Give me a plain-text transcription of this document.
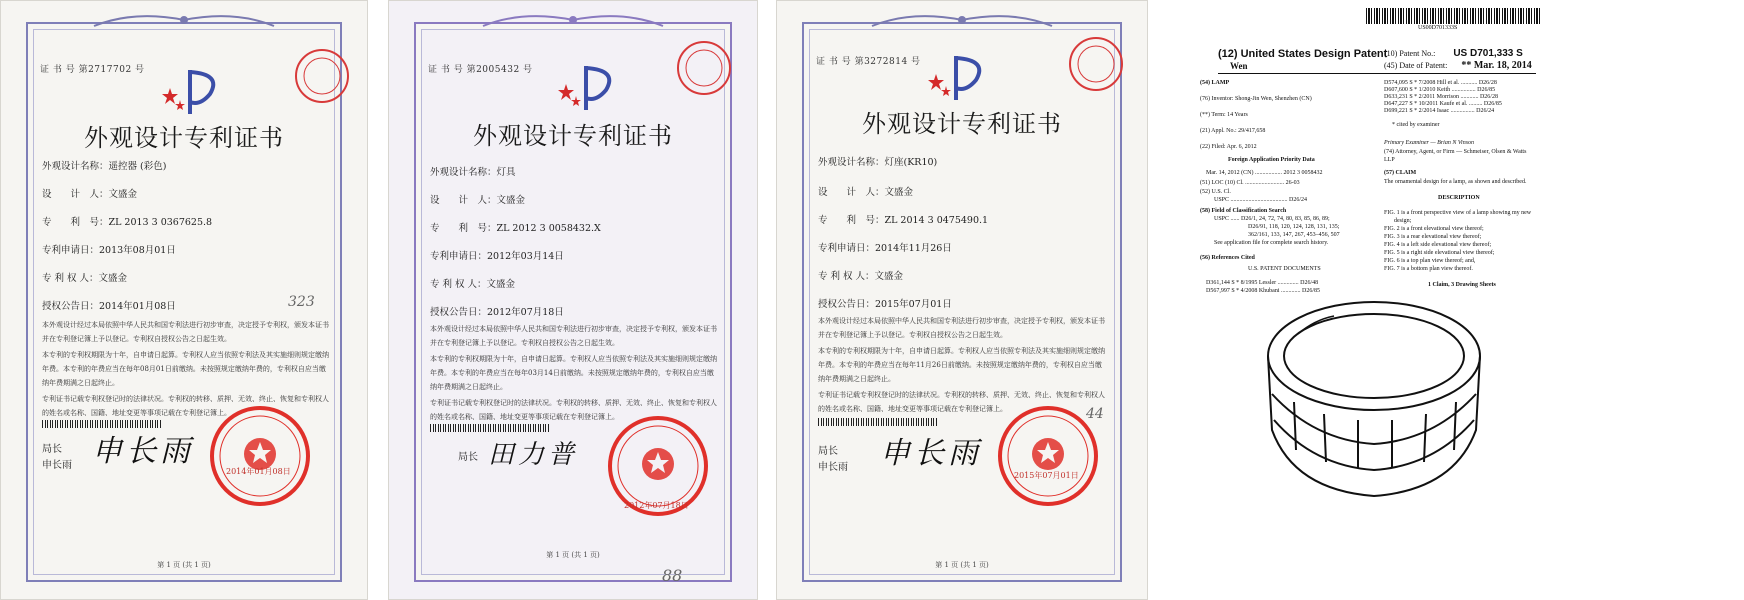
证 书 号 第2717702 号
外观设计专利证书
外观设计名称：遥控器 (彩色)
设　　计　人：文盛金
专　　利　号：ZL 2013 3 0367625.8
专利申请日：2013年08月01日
专 利 权 人：文盛金
授权公告日：2014年01月08日	323
本外观设计经过本局依照中华人民共和国专利法进行初步审查，决定授予专利权，颁发本证书并在专利登记簿上予以登记。专利权自授权公告之日起生效。
本专利的专利权期限为十年，自申请日起算。专利权人应当依照专利法及其实施细则规定缴纳年费。本专利的年费应当在每年08月01日前缴纳。未按照规定缴纳年费的，专利权自应当缴纳年费期满之日起终止。
专利证书记载专利权登记时的法律状况。专利权的转移、质押、无效、终止、恢复和专利权人的姓名或名称、国籍、地址变更等事项记载在专利登记簿上。
局长
申长雨 申长雨
2014年01月08日
第 1 页 (共 1 页)
证 书 号 第2005432 号
外观设计专利证书
外观设计名称：灯具
设　　计　人：文盛金
专　　利　号：ZL 2012 3 0058432.X
专利申请日：2012年03月14日
专 利 权 人：文盛金
授权公告日：2012年07月18日
本外观设计经过本局依照中华人民共和国专利法进行初步审查，决定授予专利权，颁发本证书并在专利登记簿上予以登记。专利权自授权公告之日起生效。
本专利的专利权期限为十年，自申请日起算。专利权人应当依照专利法及其实施细则规定缴纳年费。本专利的年费应当在每年03月14日前缴纳。未按照规定缴纳年费的，专利权自应当缴纳年费期满之日起终止。
专利证书记载专利权登记时的法律状况。专利权的转移、质押、无效、终止、恢复和专利权人的姓名或名称、国籍、地址变更等事项记载在专利登记簿上。
局长 田力普
2012年07月18日
第 1 页 (共 1 页)
88
证 书 号 第3272814 号
外观设计专利证书
外观设计名称：灯座(KR10)
设　　计　人：文盛金
专　　利　号：ZL 2014 3 0475490.1
专利申请日：2014年11月26日
专 利 权 人：文盛金
授权公告日：2015年07月01日
本外观设计经过本局依照中华人民共和国专利法进行初步审查，决定授予专利权，颁发本证书并在专利登记簿上予以登记。专利权自授权公告之日起生效。
本专利的专利权期限为十年，自申请日起算。专利权人应当依照专利法及其实施细则规定缴纳年费。本专利的年费应当在每年11月26日前缴纳。未按照规定缴纳年费的，专利权自应当缴纳年费期满之日起终止。
专利证书记载专利权登记时的法律状况。专利权的转移、质押、无效、终止、恢复和专利权人的姓名或名称、国籍、地址变更等事项记载在专利登记簿上。	44
局长
申长雨 申长雨
2015年07月01日
第 1 页 (共 1 页)
US00D701333S
(12) United States Design Patent
Wen
(10) Patent No.: US D701,333 S
(45) Date of Patent: ** Mar. 18, 2014
(54) LAMP
(76) Inventor: Shong-Jin Wen, Shenzhen (CN)
(**) Term: 14 Years
(21) Appl. No.: 29/417,658
(22) Filed: Apr. 6, 2012
Foreign Application Priority Data
Mar. 14, 2012 (CN) .................. 2012 3 0058432
(51) LOC (10) Cl. .......................... 26-03
(52) U.S. Cl.
USPC ...................................... D26/24
(58) Field of Classification Search
USPC ...... D26/1, 24, 72, 74, 80, 83, 85, 86, 89;
D26/91, 118, 120, 124, 128, 131, 135;
362/161, 133, 147, 267, 453–456, 507
See application file for complete search history.
(56) References Cited
U.S. PATENT DOCUMENTS
D361,144 S * 8/1995 Lessler .............. D26/48
D567,997 S * 4/2008 Khubani ............. D26/85
D574,095 S * 7/2008 Hill et al. ........... D26/28
D607,600 S * 1/2010 Keith ................ D26/85
D633,231 S * 2/2011 Morrison ............ D26/28
D647,227 S * 10/2011 Kaufe et al. ......... D26/85
D699,221 S * 2/2014 Isaac ................ D26/24
* cited by examiner
Primary Examiner — Brian N Vinson
(74) Attorney, Agent, or Firm — Schmeiser, Olsen & Watts
LLP
(57) CLAIM
The ornamental design for a lamp, as shown and described.
DESCRIPTION
FIG. 1 is a front perspective view of a lamp showing my new
design;
FIG. 2 is a front elevational view thereof;
FIG. 3 is a rear elevational view thereof;
FIG. 4 is a left side elevational view thereof;
FIG. 5 is a right side elevational view thereof;
FIG. 6 is a top plan view thereof; and,
FIG. 7 is a bottom plan view thereof.
1 Claim, 3 Drawing Sheets
